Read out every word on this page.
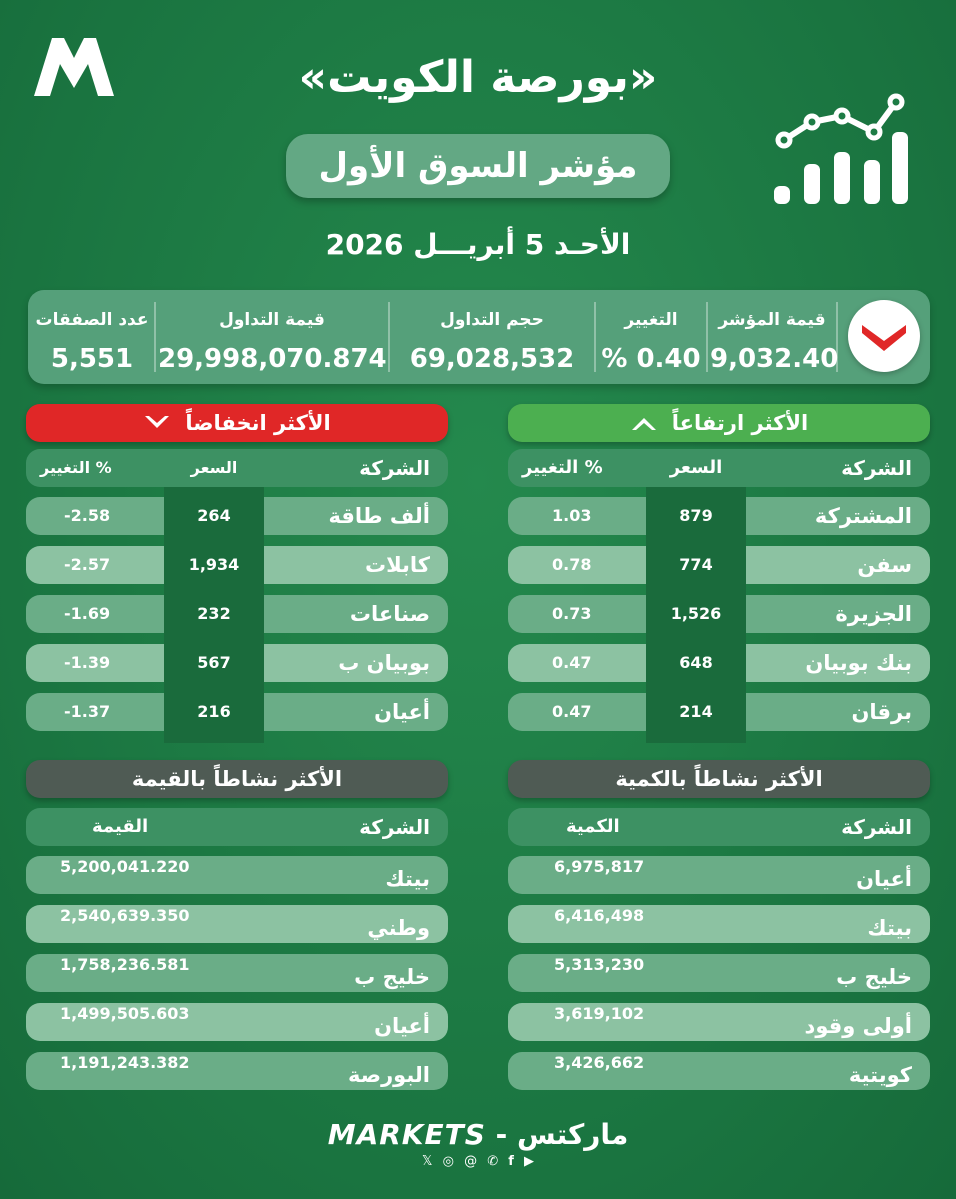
«بورصة الكويت»
مؤشر السوق الأول
الأحـد 5 أبريـــل 2026
قيمة المؤشر
9,032.40
التغيير
% 0.40
حجم التداول
69,028,532
قيمة التداول
29,998,070.874
عدد الصفقات
5,551
الأكثر ارتفاعاً
الشركة
السعر
التغيير %
المشتركة
879
1.03
سفن
774
0.78
الجزيرة
1,526
0.73
بنك بوبيان
648
0.47
برقان
214
0.47
الأكثر انخفاضاً
الشركة
السعر
التغيير %
ألف طاقة
264
-2.58
كابلات
1,934
-2.57
صناعات
232
-1.69
بوبيان ب
567
-1.39
أعيان
216
-1.37
الأكثر نشاطاً بالكمية
الشركة
الكمية
أعيان
6,975,817
بيتك
6,416,498
خليج ب
5,313,230
أولى وقود
3,619,102
كويتية
3,426,662
الأكثر نشاطاً بالقيمة
الشركة
القيمة
بيتك
5,200,041.220
وطني
2,540,639.350
خليج ب
1,758,236.581
أعيان
1,499,505.603
البورصة
1,191,243.382
ماركتس - MARKETS
𝕏 ◎ @ ✆ f ▶
